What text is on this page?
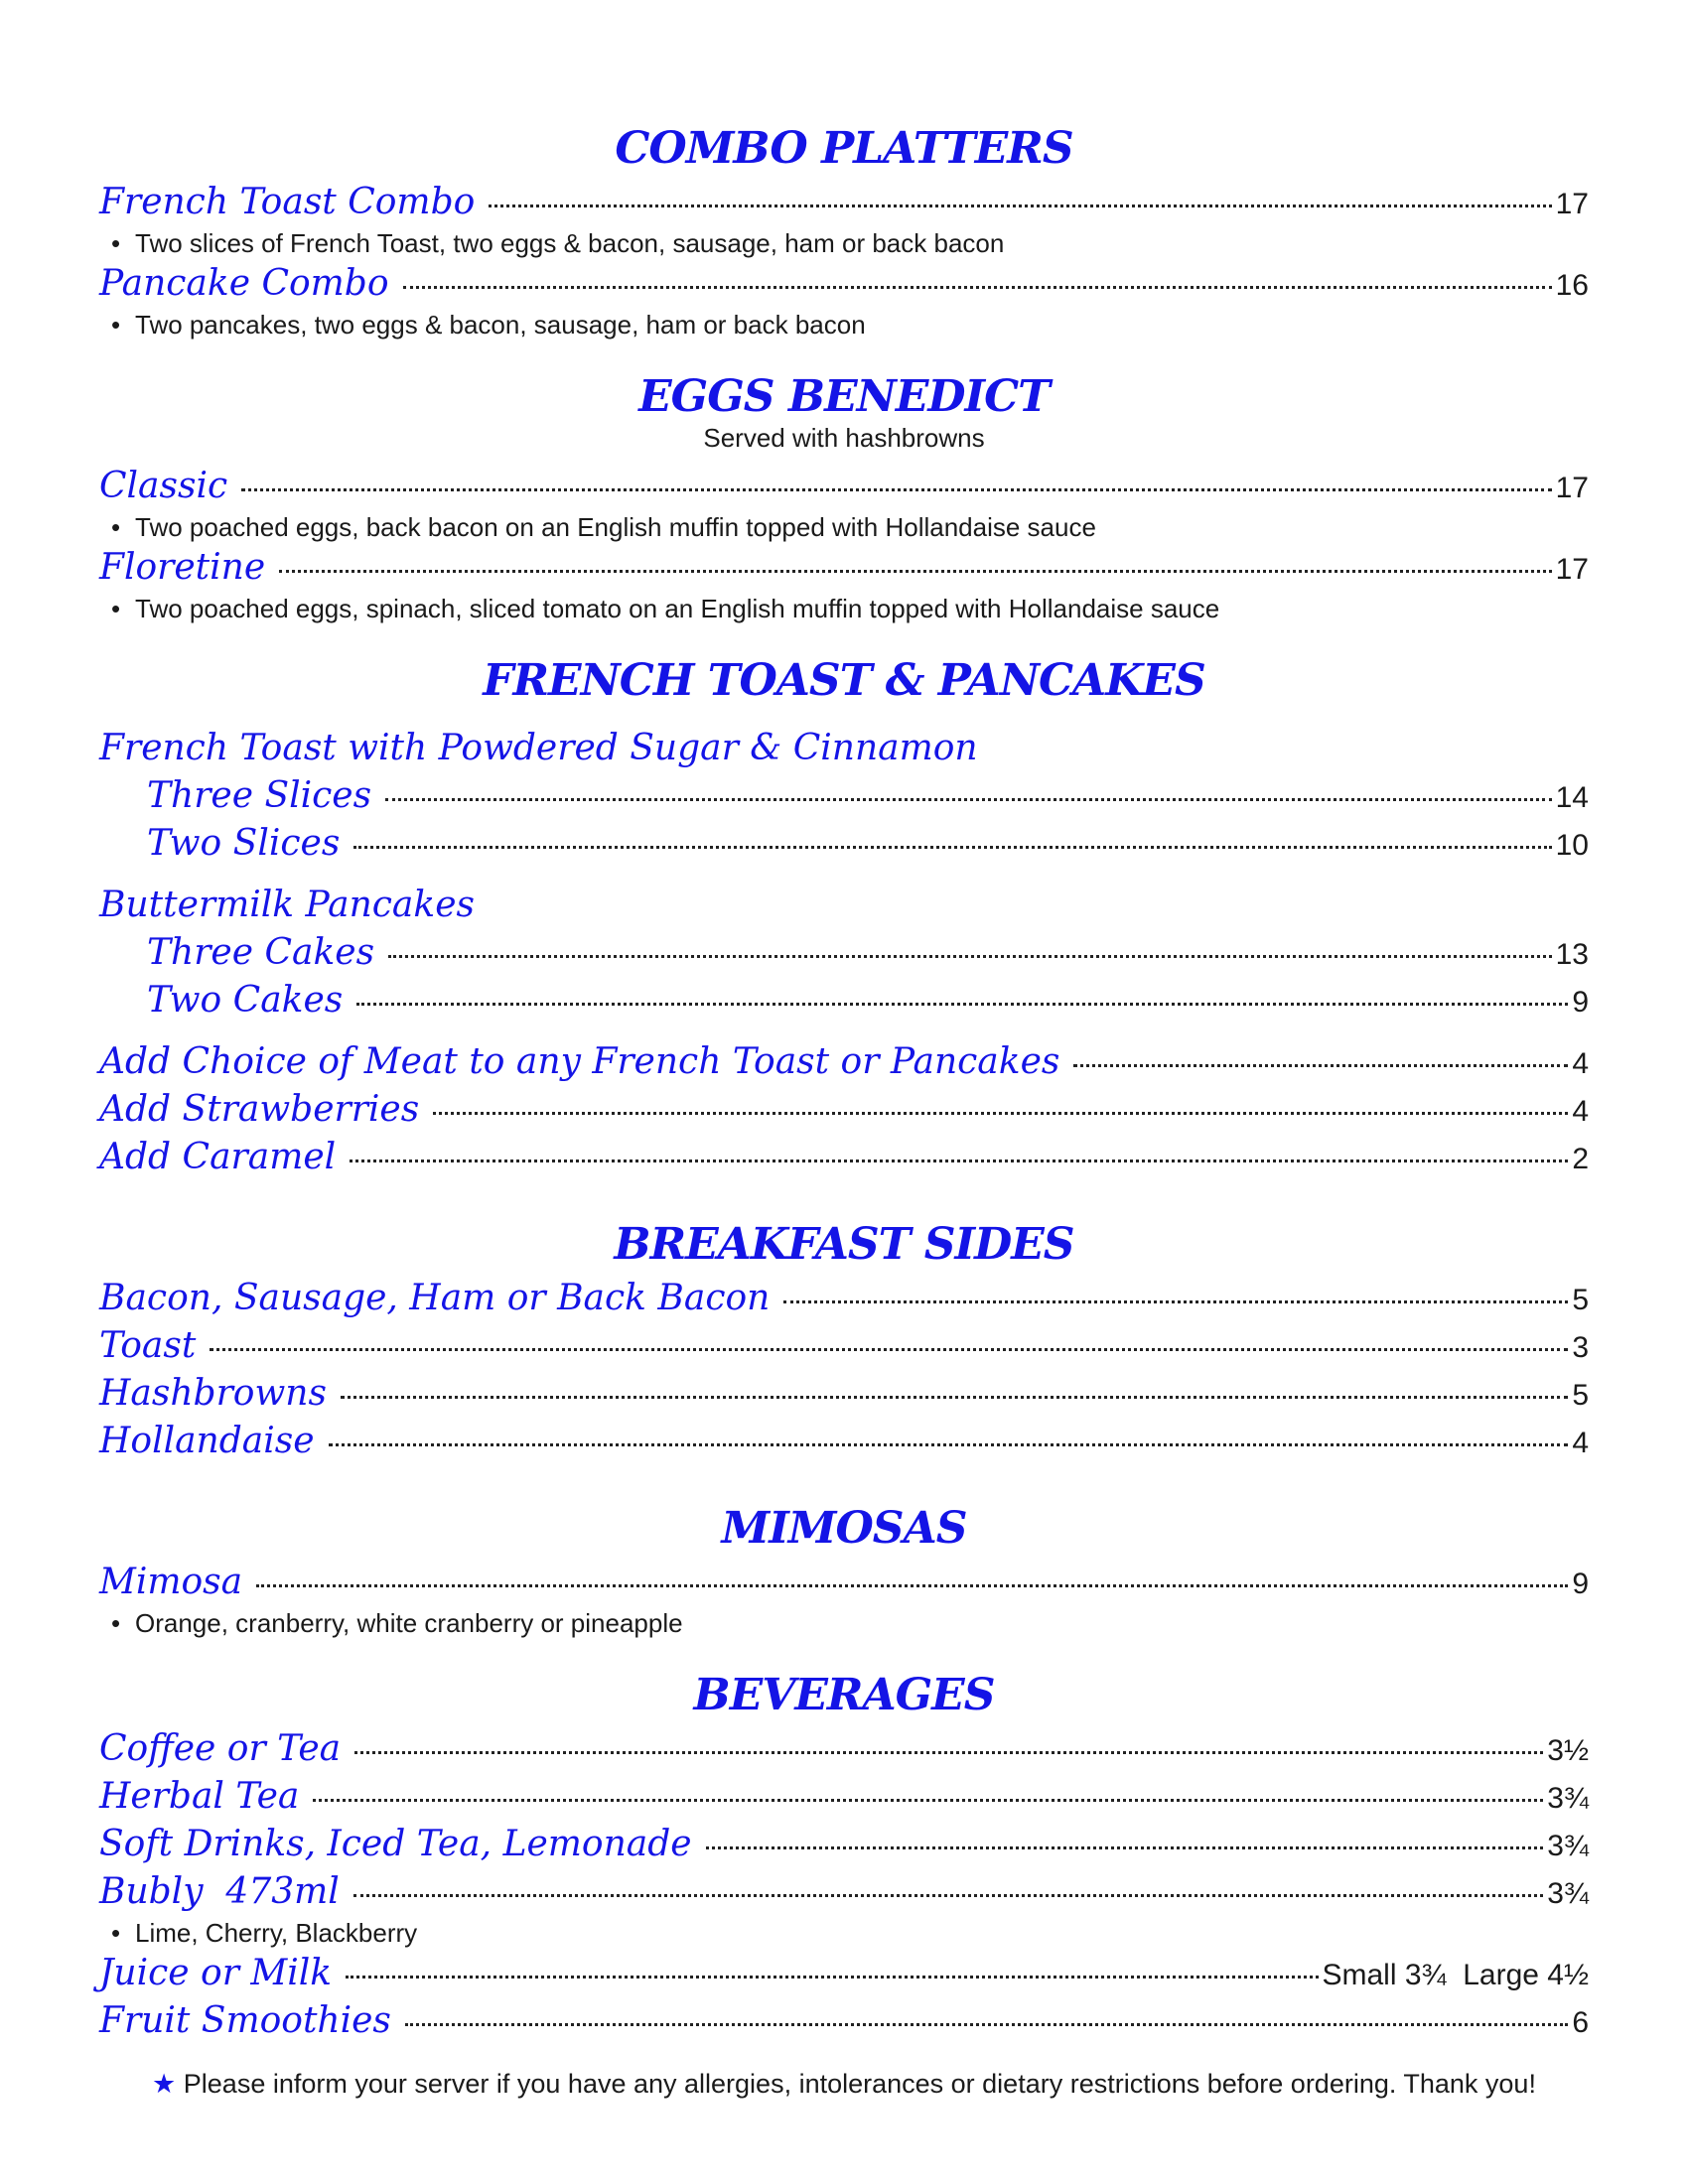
COMBO PLATTERS
French Toast Combo	17
• Two slices of French Toast, two eggs & bacon, sausage, ham or back bacon
Pancake Combo	16
• Two pancakes, two eggs & bacon, sausage, ham or back bacon
EGGS BENEDICT
Served with hashbrowns
Classic	17
• Two poached eggs, back bacon on an English muffin topped with Hollandaise sauce
Floretine	17
• Two poached eggs, spinach, sliced tomato on an English muffin topped with Hollandaise sauce
FRENCH TOAST & PANCAKES
French Toast with Powdered Sugar & Cinnamon
Three Slices	14
Two Slices	10
Buttermilk Pancakes
Three Cakes	13
Two Cakes	9
Add Choice of Meat to any French Toast or Pancakes	4
Add Strawberries	4
Add Caramel	2
BREAKFAST SIDES
Bacon, Sausage, Ham or Back Bacon	5
Toast	3
Hashbrowns	5
Hollandaise	4
MIMOSAS
Mimosa	9
• Orange, cranberry, white cranberry or pineapple
BEVERAGES
Coffee or Tea	3½
Herbal Tea	3¾
Soft Drinks, Iced Tea, Lemonade	3¾
Bubly  473ml	3¾
• Lime, Cherry, Blackberry
Juice or Milk	Small 3¾  Large 4½
Fruit Smoothies	6
★ Please inform your server if you have any allergies, intolerances or dietary restrictions before ordering. Thank you!
